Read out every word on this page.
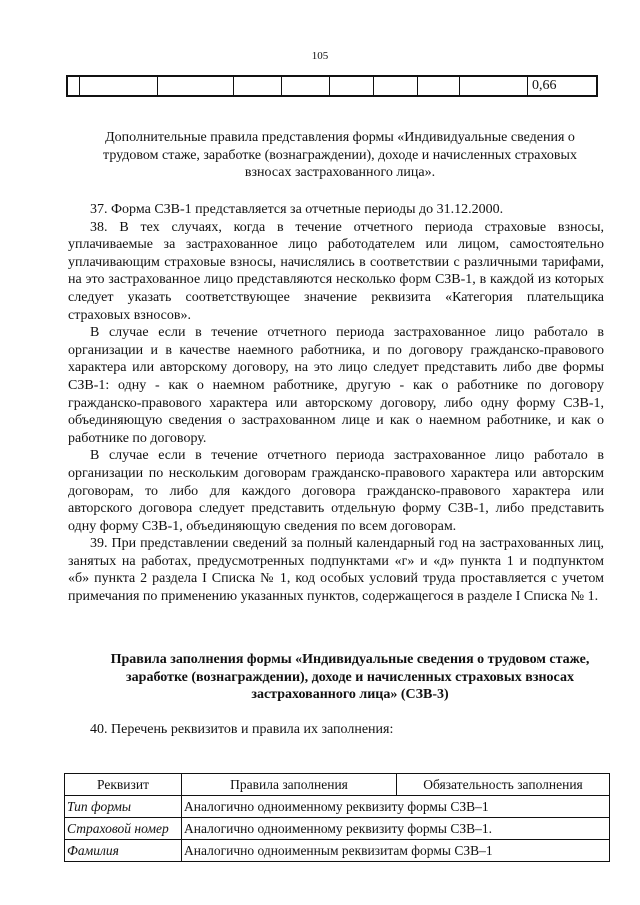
105
0,66
Дополнительные правила представления формы «Индивидуальные сведения о трудовом стаже, заработке (вознаграждении), доходе и начисленных страховых взносах застрахованного лица».

37. Форма СЗВ-1 представляется за отчетные периоды до 31.12.2000.

38. В тех случаях, когда в течение отчетного периода страховые взносы, уплачиваемые за застрахованное лицо работодателем или лицом, самостоятельно уплачивающим страховые взносы, начислялись в соответствии с различными тарифами, на это застрахованное лицо представляются несколько форм СЗВ-1, в каждой из которых следует указать соответствующее значение реквизита «Категория плательщика страховых взносов».

В случае если в течение отчетного периода застрахованное лицо работало в организации и в качестве наемного работника, и по договору гражданско-правового характера или авторскому договору, на это лицо следует представить либо две формы СЗВ-1: одну - как о наемном работнике, другую - как о работнике по договору гражданско-правового характера или авторскому договору, либо одну форму СЗВ-1, объединяющую сведения о застрахованном лице и как о наемном работнике, и как о работнике по договору.

В случае если в течение отчетного периода застрахованное лицо работало в организации по нескольким договорам гражданско-правового характера или авторским договорам, то либо для каждого договора гражданско-правового характера или авторского договора следует представить отдельную форму СЗВ-1, либо представить одну форму СЗВ-1, объединяющую сведения по всем договорам.

39. При представлении сведений за полный календарный год на застрахованных лиц, занятых на работах, предусмотренных подпунктами «г» и «д» пункта 1 и подпунктом «б» пункта 2 раздела I Списка № 1, код особых условий труда проставляется с учетом примечания по применению указанных пунктов, содержащегося в разделе I Списка № 1.

Правила заполнения формы «Индивидуальные сведения о трудовом стаже, заработке (вознаграждении), доходе и начисленных страховых взносах застрахованного лица» (СЗВ-3)

40. Перечень реквизитов и правила их заполнения:

Реквизит	Правила заполнения	Обязательность заполнения
Тип формы	Аналогично одноименному реквизиту формы СЗВ–1	
Страховой номер	Аналогично одноименному реквизиту формы СЗВ–1.	
Фамилия	Аналогично одноименным реквизитам формы СЗВ–1	
